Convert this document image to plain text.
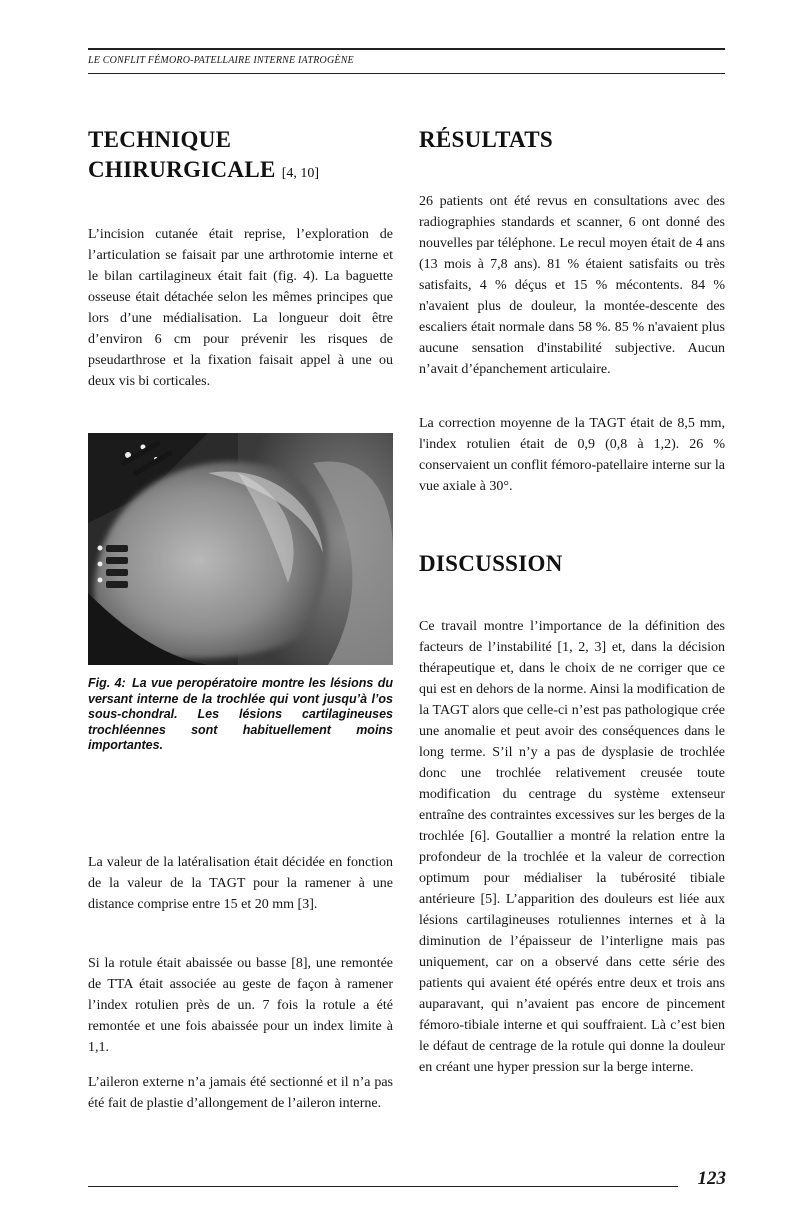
LE CONFLIT FÉMORO-PATELLAIRE INTERNE IATROGÈNE
TECHNIQUE
CHIRURGICALE [4, 10]

L’incision cutanée était reprise, l’exploration de l’articulation se faisait par une arthrotomie interne et le bilan cartilagineux était fait (fig. 4). La baguette osseuse était détachée selon les mêmes principes que lors d’une médialisation. La longueur doit être d’environ 6 cm pour prévenir les risques de pseudarthrose et la fixation faisait appel à une ou deux vis bi corticales.

Fig. 4: La vue peropératoire montre les lésions du versant interne de la trochlée qui vont jusqu’à l’os sous-chondral. Les lésions cartilagineuses trochléennes sont habituellement moins importantes.

La valeur de la latéralisation était décidée en fonction de la valeur de la TAGT pour la ramener à une distance comprise entre 15 et 20 mm [3].

Si la rotule était abaissée ou basse [8], une remontée de TTA était associée au geste de façon à ramener l’index rotulien près de un. 7 fois la rotule a été remontée et une fois abaissée pour un index limite à 1,1.

L’aileron externe n’a jamais été sectionné et il n’a pas été fait de plastie d’allongement de l’aileron interne.

RÉSULTATS

26 patients ont été revus en consultations avec des radiographies standards et scanner, 6 ont donné des nouvelles par téléphone. Le recul moyen était de 4 ans (13 mois à 7,8 ans). 81 % étaient satisfaits ou très satisfaits, 4 % déçus et 15 % mécontents. 84 % n'avaient plus de douleur, la montée-descente des escaliers était normale dans 58 %. 85 % n'avaient plus aucune sensation d'instabilité subjective. Aucun n’avait d’épanchement articulaire.

La correction moyenne de la TAGT était de 8,5 mm, l'index rotulien était de 0,9 (0,8 à 1,2). 26 % conservaient un conflit fémoro-patellaire interne sur la vue axiale à 30°.

DISCUSSION

Ce travail montre l’importance de la définition des facteurs de l’instabilité [1, 2, 3] et, dans la décision thérapeutique et, dans le choix de ne corriger que ce qui est en dehors de la norme. Ainsi la modification de la TAGT alors que celle-ci n’est pas pathologique crée une anomalie et peut avoir des conséquences dans le long terme. S’il n’y a pas de dysplasie de trochlée donc une trochlée relativement creusée toute modification du centrage du système extenseur entraîne des contraintes excessives sur les berges de la trochlée [6]. Goutallier a montré la relation entre la profondeur de la trochlée et la valeur de correction optimum pour médialiser la tubérosité tibiale antérieure [5]. L’apparition des douleurs est liée aux lésions cartilagineuses rotuliennes internes et à la diminution de l’épaisseur de l’interligne mais pas uniquement, car on a observé dans cette série des patients qui avaient été opérés entre deux et trois ans auparavant, qui n’avaient pas encore de pincement fémoro-tibiale interne et qui souffraient. Là c’est bien le défaut de centrage de la rotule qui donne la douleur en créant une hyper pression sur la berge interne.

123
